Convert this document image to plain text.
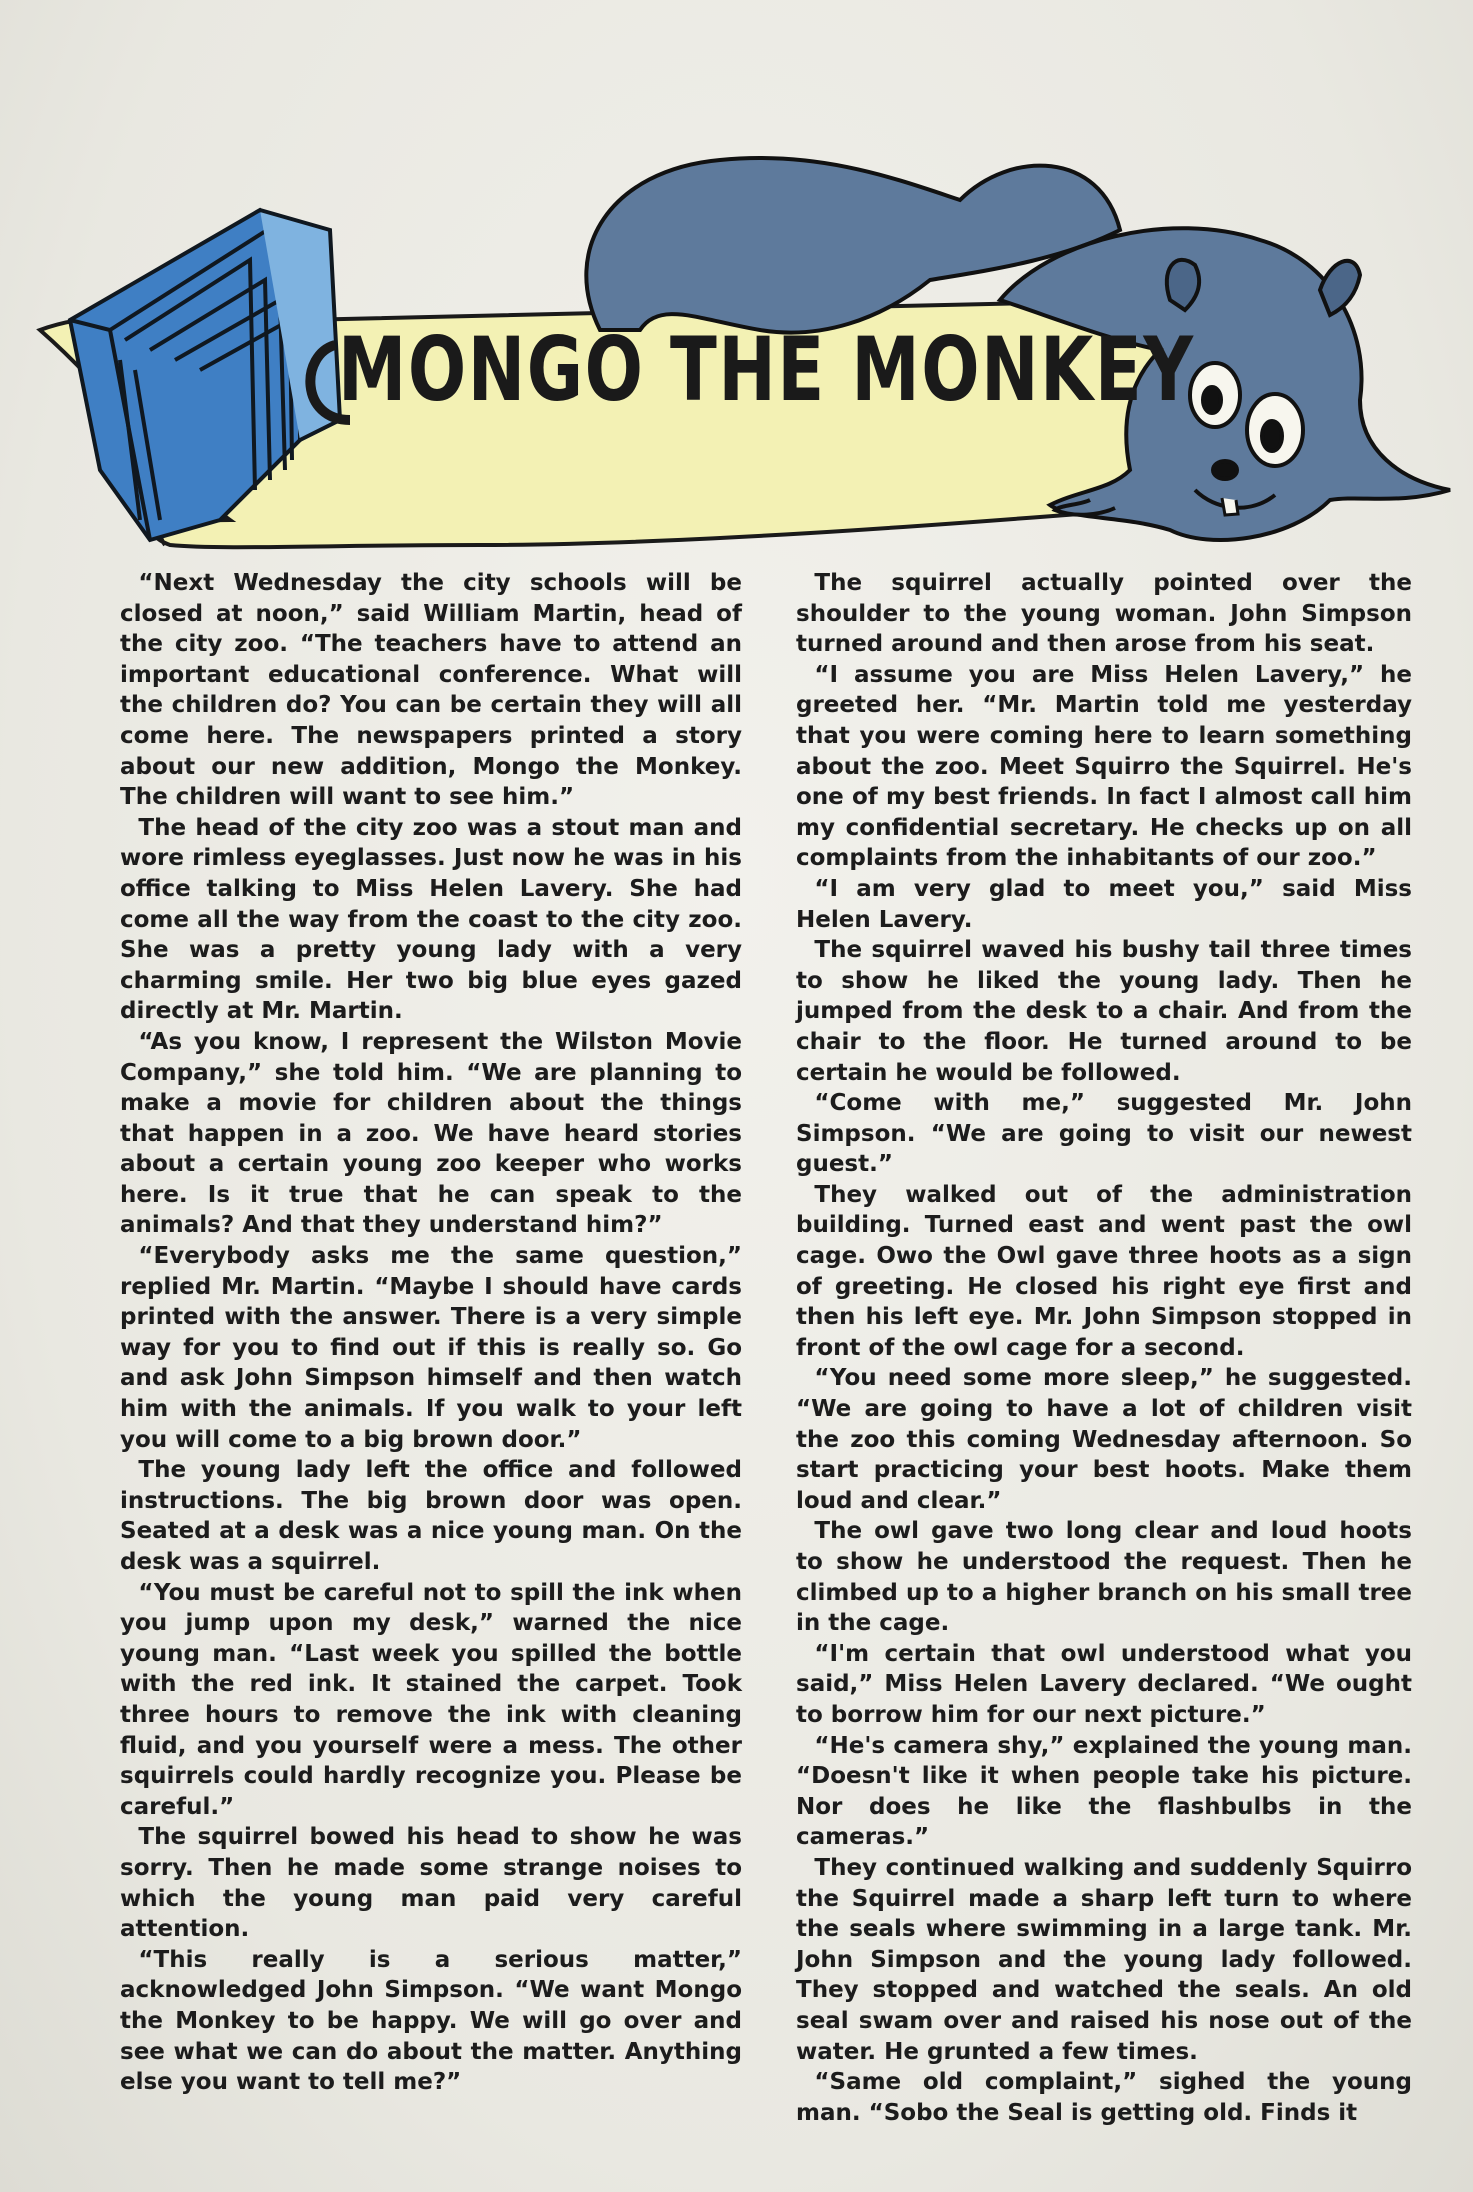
MONGO THE MONKEY

“Next Wednesday the city schools will be closed at noon,” said William Martin, head of the city zoo. “The teachers have to attend an important educational conference. What will the children do? You can be certain they will all come here. The newspapers printed a story about our new addition, Mongo the Monkey. The children will want to see him.”

The head of the city zoo was a stout man and wore rimless eyeglasses. Just now he was in his office talking to Miss Helen Lavery. She had come all the way from the coast to the city zoo. She was a pretty young lady with a very charming smile. Her two big blue eyes gazed directly at Mr. Martin.

“As you know, I represent the Wilston Movie Company,” she told him. “We are planning to make a movie for children about the things that happen in a zoo. We have heard stories about a certain young zoo keeper who works here. Is it true that he can speak to the animals? And that they understand him?”

“Everybody asks me the same question,” replied Mr. Martin. “Maybe I should have cards printed with the answer. There is a very simple way for you to find out if this is really so. Go and ask John Simpson himself and then watch him with the animals. If you walk to your left you will come to a big brown door.”

The young lady left the office and followed instructions. The big brown door was open. Seated at a desk was a nice young man. On the desk was a squirrel.

“You must be careful not to spill the ink when you jump upon my desk,” warned the nice young man. “Last week you spilled the bottle with the red ink. It stained the carpet. Took three hours to remove the ink with cleaning fluid, and you yourself were a mess. The other squirrels could hardly recognize you. Please be careful.”

The squirrel bowed his head to show he was sorry. Then he made some strange noises to which the young man paid very careful attention.

“This really is a serious matter,” acknowledged John Simpson. “We want Mongo the Monkey to be happy. We will go over and see what we can do about the matter. Anything else you want to tell me?”

The squirrel actually pointed over the shoulder to the young woman. John Simpson turned around and then arose from his seat.

“I assume you are Miss Helen Lavery,” he greeted her. “Mr. Martin told me yesterday that you were coming here to learn something about the zoo. Meet Squirro the Squirrel. He's one of my best friends. In fact I almost call him my confidential secretary. He checks up on all complaints from the inhabitants of our zoo.”

“I am very glad to meet you,” said Miss Helen Lavery.

The squirrel waved his bushy tail three times to show he liked the young lady. Then he jumped from the desk to a chair. And from the chair to the floor. He turned around to be certain he would be followed.

“Come with me,” suggested Mr. John Simpson. “We are going to visit our newest guest.”

They walked out of the administration building. Turned east and went past the owl cage. Owo the Owl gave three hoots as a sign of greeting. He closed his right eye first and then his left eye. Mr. John Simpson stopped in front of the owl cage for a second.

“You need some more sleep,” he suggested. “We are going to have a lot of children visit the zoo this coming Wednesday afternoon. So start practicing your best hoots. Make them loud and clear.”

The owl gave two long clear and loud hoots to show he understood the request. Then he climbed up to a higher branch on his small tree in the cage.

“I'm certain that owl understood what you said,” Miss Helen Lavery declared. “We ought to borrow him for our next picture.”

“He's camera shy,” explained the young man. “Doesn't like it when people take his picture. Nor does he like the flashbulbs in the cameras.”

They continued walking and suddenly Squirro the Squirrel made a sharp left turn to where the seals where swimming in a large tank. Mr. John Simpson and the young lady followed. They stopped and watched the seals. An old seal swam over and raised his nose out of the water. He grunted a few times.

“Same old complaint,” sighed the young man. “Sobo the Seal is getting old. Finds it
